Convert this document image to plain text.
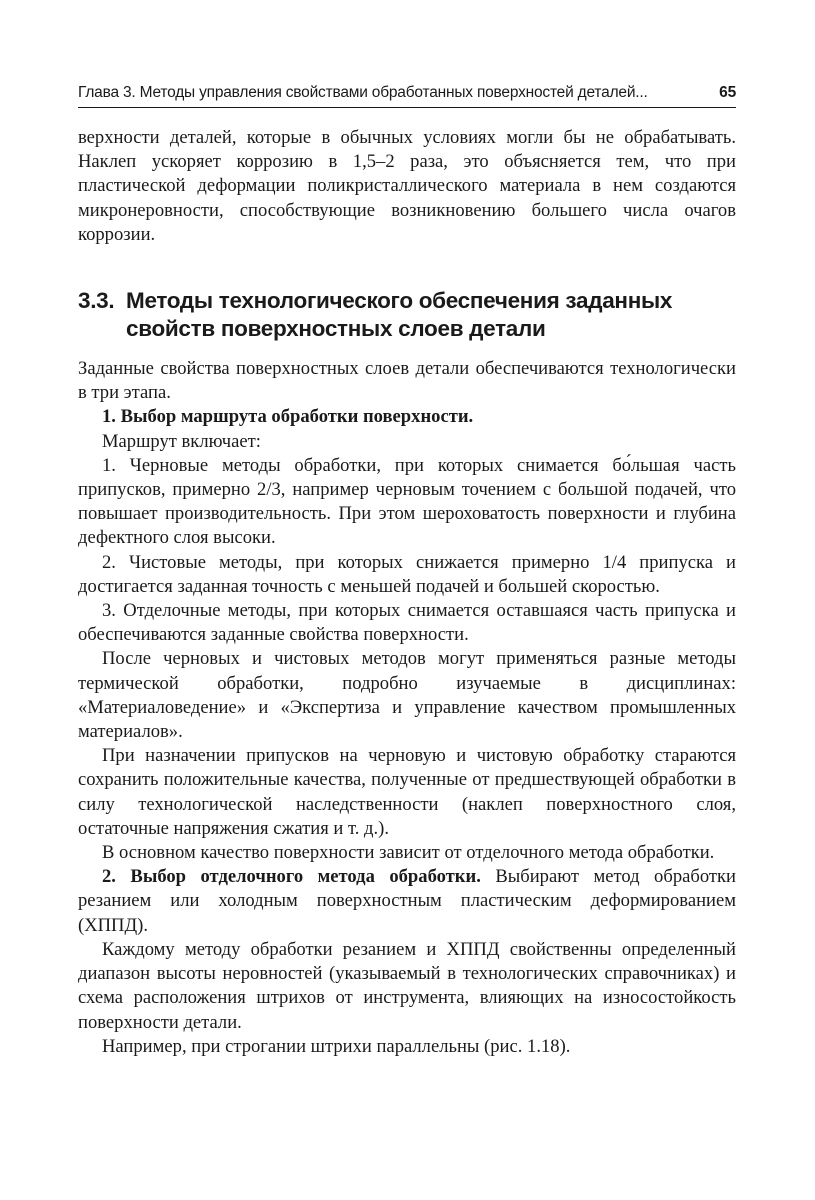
Глава 3. Методы управления свойствами обработанных поверхностей деталей...	65

верхности деталей, которые в обычных условиях могли бы не обрабатывать. Наклеп ускоряет коррозию в 1,5–2 раза, это объясняется тем, что при пластической деформации поликристаллического материала в нем создаются микронеровности, способствующие возникновению большего числа очагов коррозии.

3.3. Методы технологического обеспечения заданных свойств поверхностных слоев детали

Заданные свойства поверхностных слоев детали обеспечиваются технологически в три этапа.

1. Выбор маршрута обработки поверхности.

Маршрут включает:

1. Черновые методы обработки, при которых снимается бо́льшая часть припусков, примерно 2/3, например черновым точением с большой подачей, что повышает производительность. При этом шероховатость поверхности и глубина дефектного слоя высоки.

2. Чистовые методы, при которых снижается примерно 1/4 припуска и достигается заданная точность с меньшей подачей и большей скоростью.

3. Отделочные методы, при которых снимается оставшаяся часть припуска и обеспечиваются заданные свойства поверхности.

После черновых и чистовых методов могут применяться разные методы термической обработки, подробно изучаемые в дисциплинах: «Материаловедение» и «Экспертиза и управление качеством промышленных материалов».

При назначении припусков на черновую и чистовую обработку стараются сохранить положительные качества, полученные от предшествующей обработки в силу технологической наследственности (наклеп поверхностного слоя, остаточные напряжения сжатия и т. д.).

В основном качество поверхности зависит от отделочного метода обработки.

2. Выбор отделочного метода обработки. Выбирают метод обработки резанием или холодным поверхностным пластическим деформированием (ХППД).

Каждому методу обработки резанием и ХППД свойственны определенный диапазон высоты неровностей (указываемый в технологических справочниках) и схема расположения штрихов от инструмента, влияющих на износостойкость поверхности детали.

Например, при строгании штрихи параллельны (рис. 1.18).
